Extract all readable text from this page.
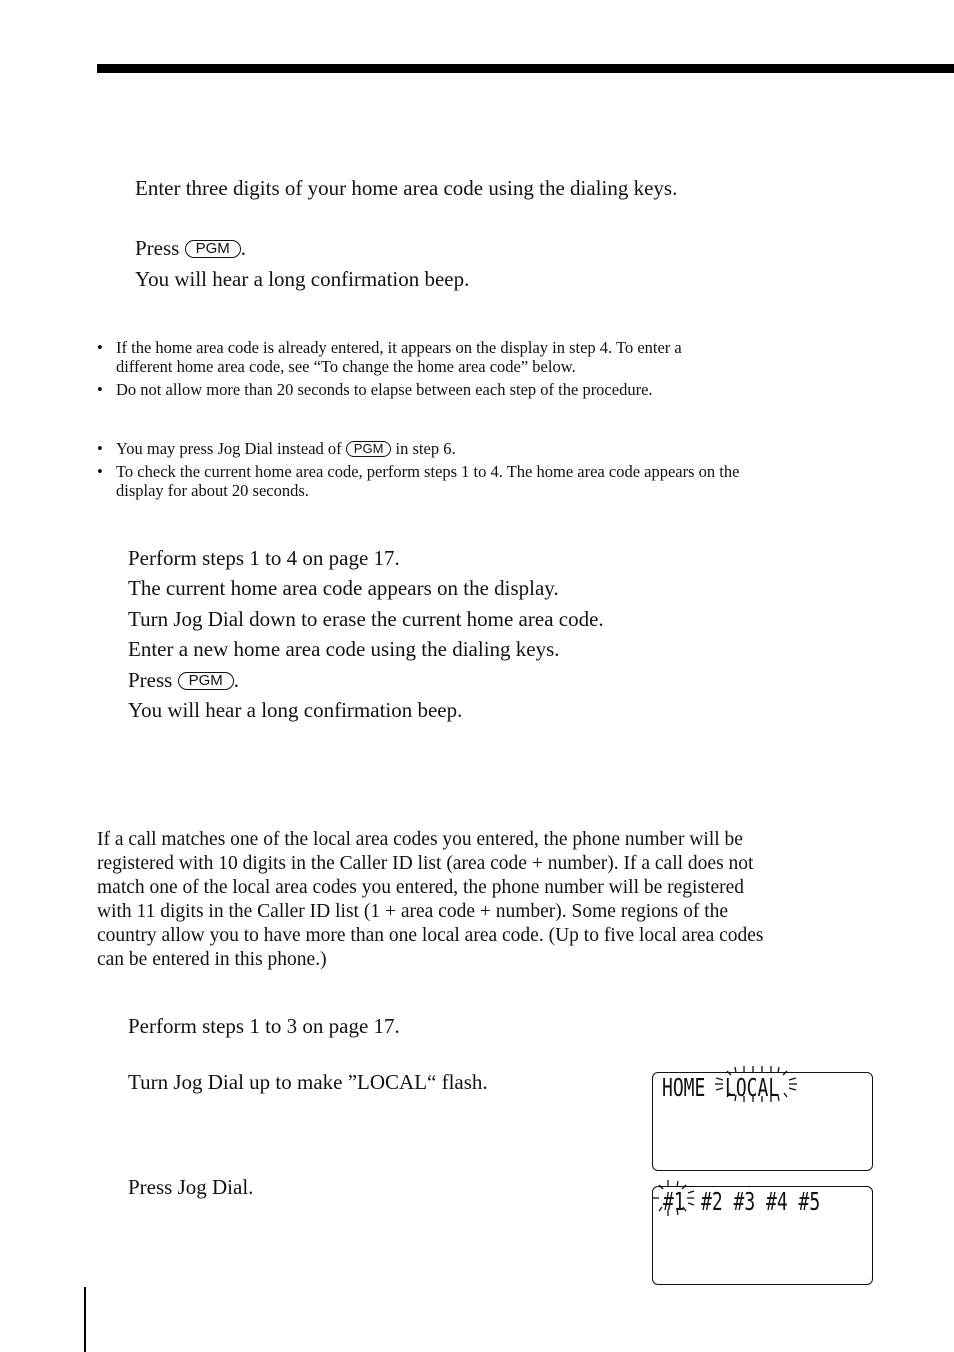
Enter three digits of your home area code using the dialing keys.
Press PGM .
You will hear a long confirmation beep.
• If the home area code is already entered, it appears on the display in step 4. To enter a
different home area code, see “To change the home area code” below.
• Do not allow more than 20 seconds to elapse between each step of the procedure.
• You may press Jog Dial instead of PGM in step 6.
• To check the current home area code, perform steps 1 to 4. The home area code appears on the
display for about 20 seconds.
Perform steps 1 to 4 on page 17.
The current home area code appears on the display.
Turn Jog Dial down to erase the current home area code.
Enter a new home area code using the dialing keys.
Press PGM .
You will hear a long confirmation beep.
If a call matches one of the local area codes you entered, the phone number will be
registered with 10 digits in the Caller ID list (area code + number). If a call does not
match one of the local area codes you entered, the phone number will be registered
with 11 digits in the Caller ID list (1 + area code + number). Some regions of the
country allow you to have more than one local area code. (Up to five local area codes
can be entered in this phone.)
Perform steps 1 to 3 on page 17.
Turn Jog Dial up to make ”LOCAL“ flash.
Press Jog Dial.
HOME LOCAL
#1 #2 #3 #4 #5
